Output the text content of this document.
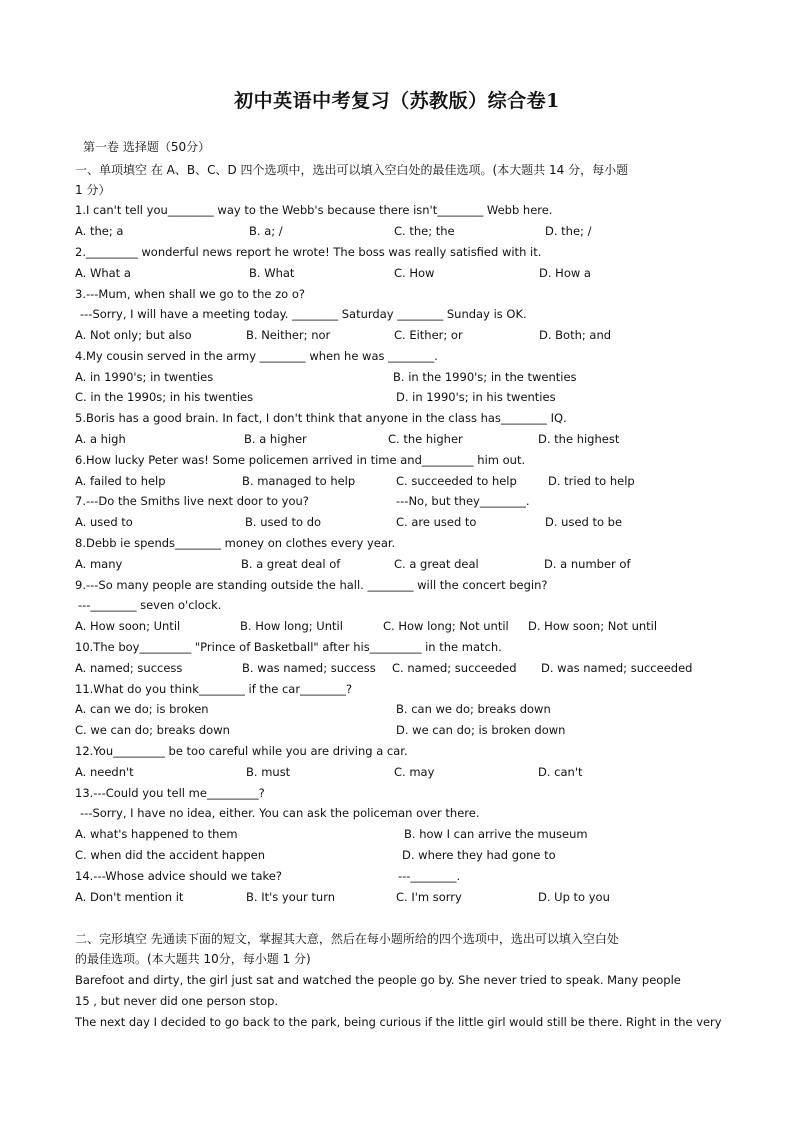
初中英语中考复习（苏教版）综合卷1
第一卷 选择题（50分）
一、单项填空 在 A、B、C、D 四个选项中，选出可以填入空白处的最佳选项。(本大题共 14 分，每小题
1 分）
1.I can't tell you________ way to the Webb's because there isn't________ Webb here.
A. the; a	B. a; /	C. the; the	D. the; /
2._________ wonderful news report he wrote! The boss was really satisfied with it.
A. What a	B. What	C. How	D. How a
3.---Mum, when shall we go to the zo o?
---Sorry, I will have a meeting today. ________ Saturday ________ Sunday is OK.
A. Not only; but also	B. Neither; nor	C. Either; or	D. Both; and
4.My cousin served in the army ________ when he was ________.
A. in 1990's; in twenties	B. in the 1990's; in the twenties
C. in the 1990s; in his twenties	D. in 1990's; in his twenties
5.Boris has a good brain. In fact, I don't think that anyone in the class has________ IQ.
A. a high	B. a higher	C. the higher	D. the highest
6.How lucky Peter was! Some policemen arrived in time and_________ him out.
A. failed to help	B. managed to help	C. succeeded to help	D. tried to help
7.---Do the Smiths live next door to you?	---No, but they________.
A. used to	B. used to do	C. are used to	D. used to be
8.Debb ie spends________ money on clothes every year.
A. many	B. a great deal of	C. a great deal	D. a number of
9.---So many people are standing outside the hall. ________ will the concert begin?
---________ seven o'clock.
A. How soon; Until	B. How long; Until	C. How long; Not until D. How soon; Not until
10.The boy_________ "Prince of Basketball" after his_________ in the match.
A. named; success	B. was named; success C. named; succeeded D. was named; succeeded
11.What do you think________ if the car________?
A. can we do; is broken	B. can we do; breaks down
C. we can do; breaks down	D. we can do; is broken down
12.You_________ be too careful while you are driving a car.
A. needn't	B. must	C. may	D. can't
13.---Could you tell me_________?
---Sorry, I have no idea, either. You can ask the policeman over there.
A. what's happened to them	B. how I can arrive the museum
C. when did the accident happen	D. where they had gone to
14.---Whose advice should we take?	---________.
A. Don't mention it	B. It's your turn	C. I'm sorry	D. Up to you
二、完形填空 先通读下面的短文，掌握其大意，然后在每小题所给的四个选项中，选出可以填入空白处
的最佳选项。(本大题共 10分，每小题 1 分)
Barefoot and dirty, the girl just sat and watched the people go by. She never tried to speak. Many people
15 , but never did one person stop.
The next day I decided to go back to the park, being curious if the little girl would still be there. Right in the very
